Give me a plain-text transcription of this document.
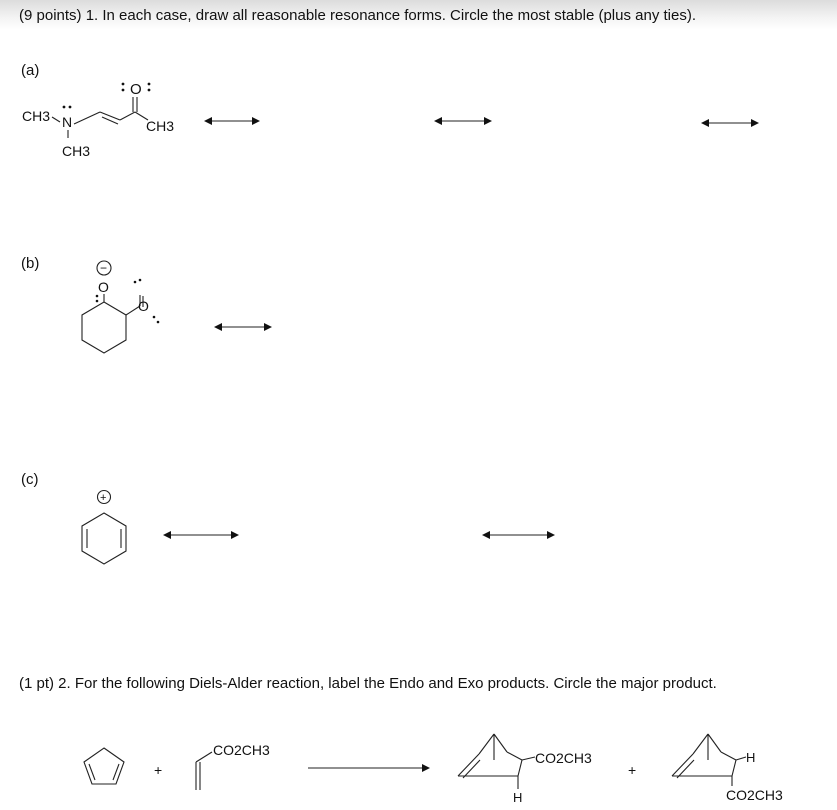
(9 points) 1. In each case, draw all reasonable resonance forms. Circle the most stable (plus any ties).
(a)
CH3 N
CH3
O
CH3
O
−
O
+
+
CO2CH3	CO2CH3
H
+
H
CO2CH3
(b)
(c)
(1 pt) 2. For the following Diels-Alder reaction, label the Endo and Exo products. Circle the major product.
